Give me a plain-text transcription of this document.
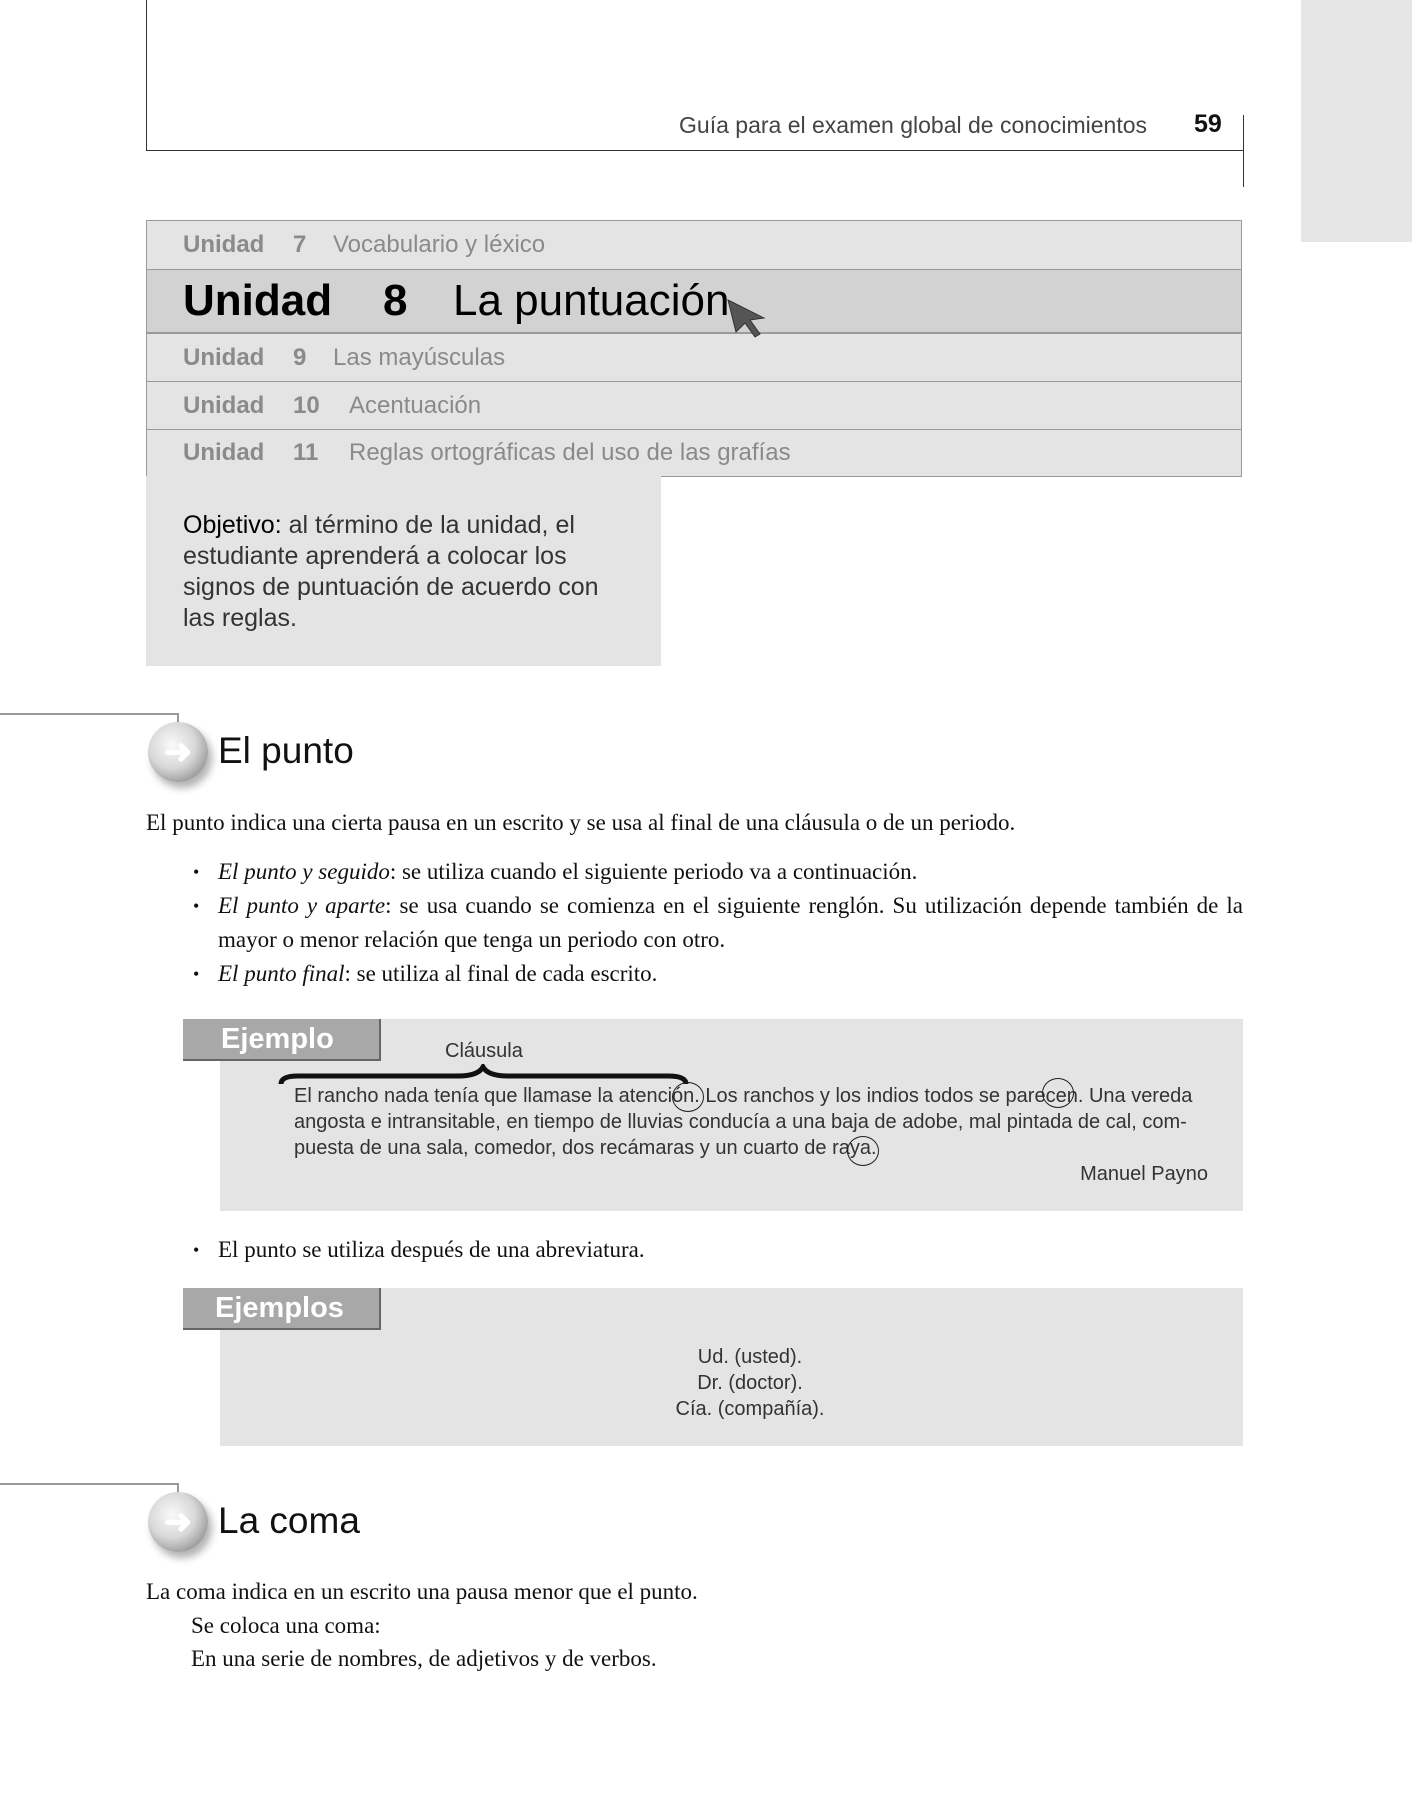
Guía para el examen global de conocimientos 59
Unidad	7	Vocabulario y léxico
Unidad	8	La puntuación
Unidad	9	Las mayúsculas
Unidad	10	Acentuación
Unidad	11	Reglas ortográficas del uso de las grafías
Objetivo: al término de la unidad, el estudiante aprenderá a colocar los signos de puntuación de acuerdo con las reglas.
➜ El punto
El punto indica una cierta pausa en un escrito y se usa al final de una cláusula o de un periodo.
• El punto y seguido: se utiliza cuando el siguiente periodo va a continuación.
• El punto y aparte: se usa cuando se comienza en el siguiente renglón. Su utilización depende también de la mayor o menor relación que tenga un periodo con otro.
• El punto final: se utiliza al final de cada escrito.
Ejemplo	Cláusula
El rancho nada tenía que llamase la atención. Los ranchos y los indios todos se parecen. Una vereda
angosta e intransitable, en tiempo de lluvias conducía a una baja de adobe, mal pintada de cal, com-
puesta de una sala, comedor, dos recámaras y un cuarto de raya.
Manuel Payno
• El punto se utiliza después de una abreviatura.
Ejemplos
Ud. (usted).
Dr. (doctor).
Cía. (compañía).
➜ La coma
La coma indica en un escrito una pausa menor que el punto.
Se coloca una coma:
En una serie de nombres, de adjetivos y de verbos.
